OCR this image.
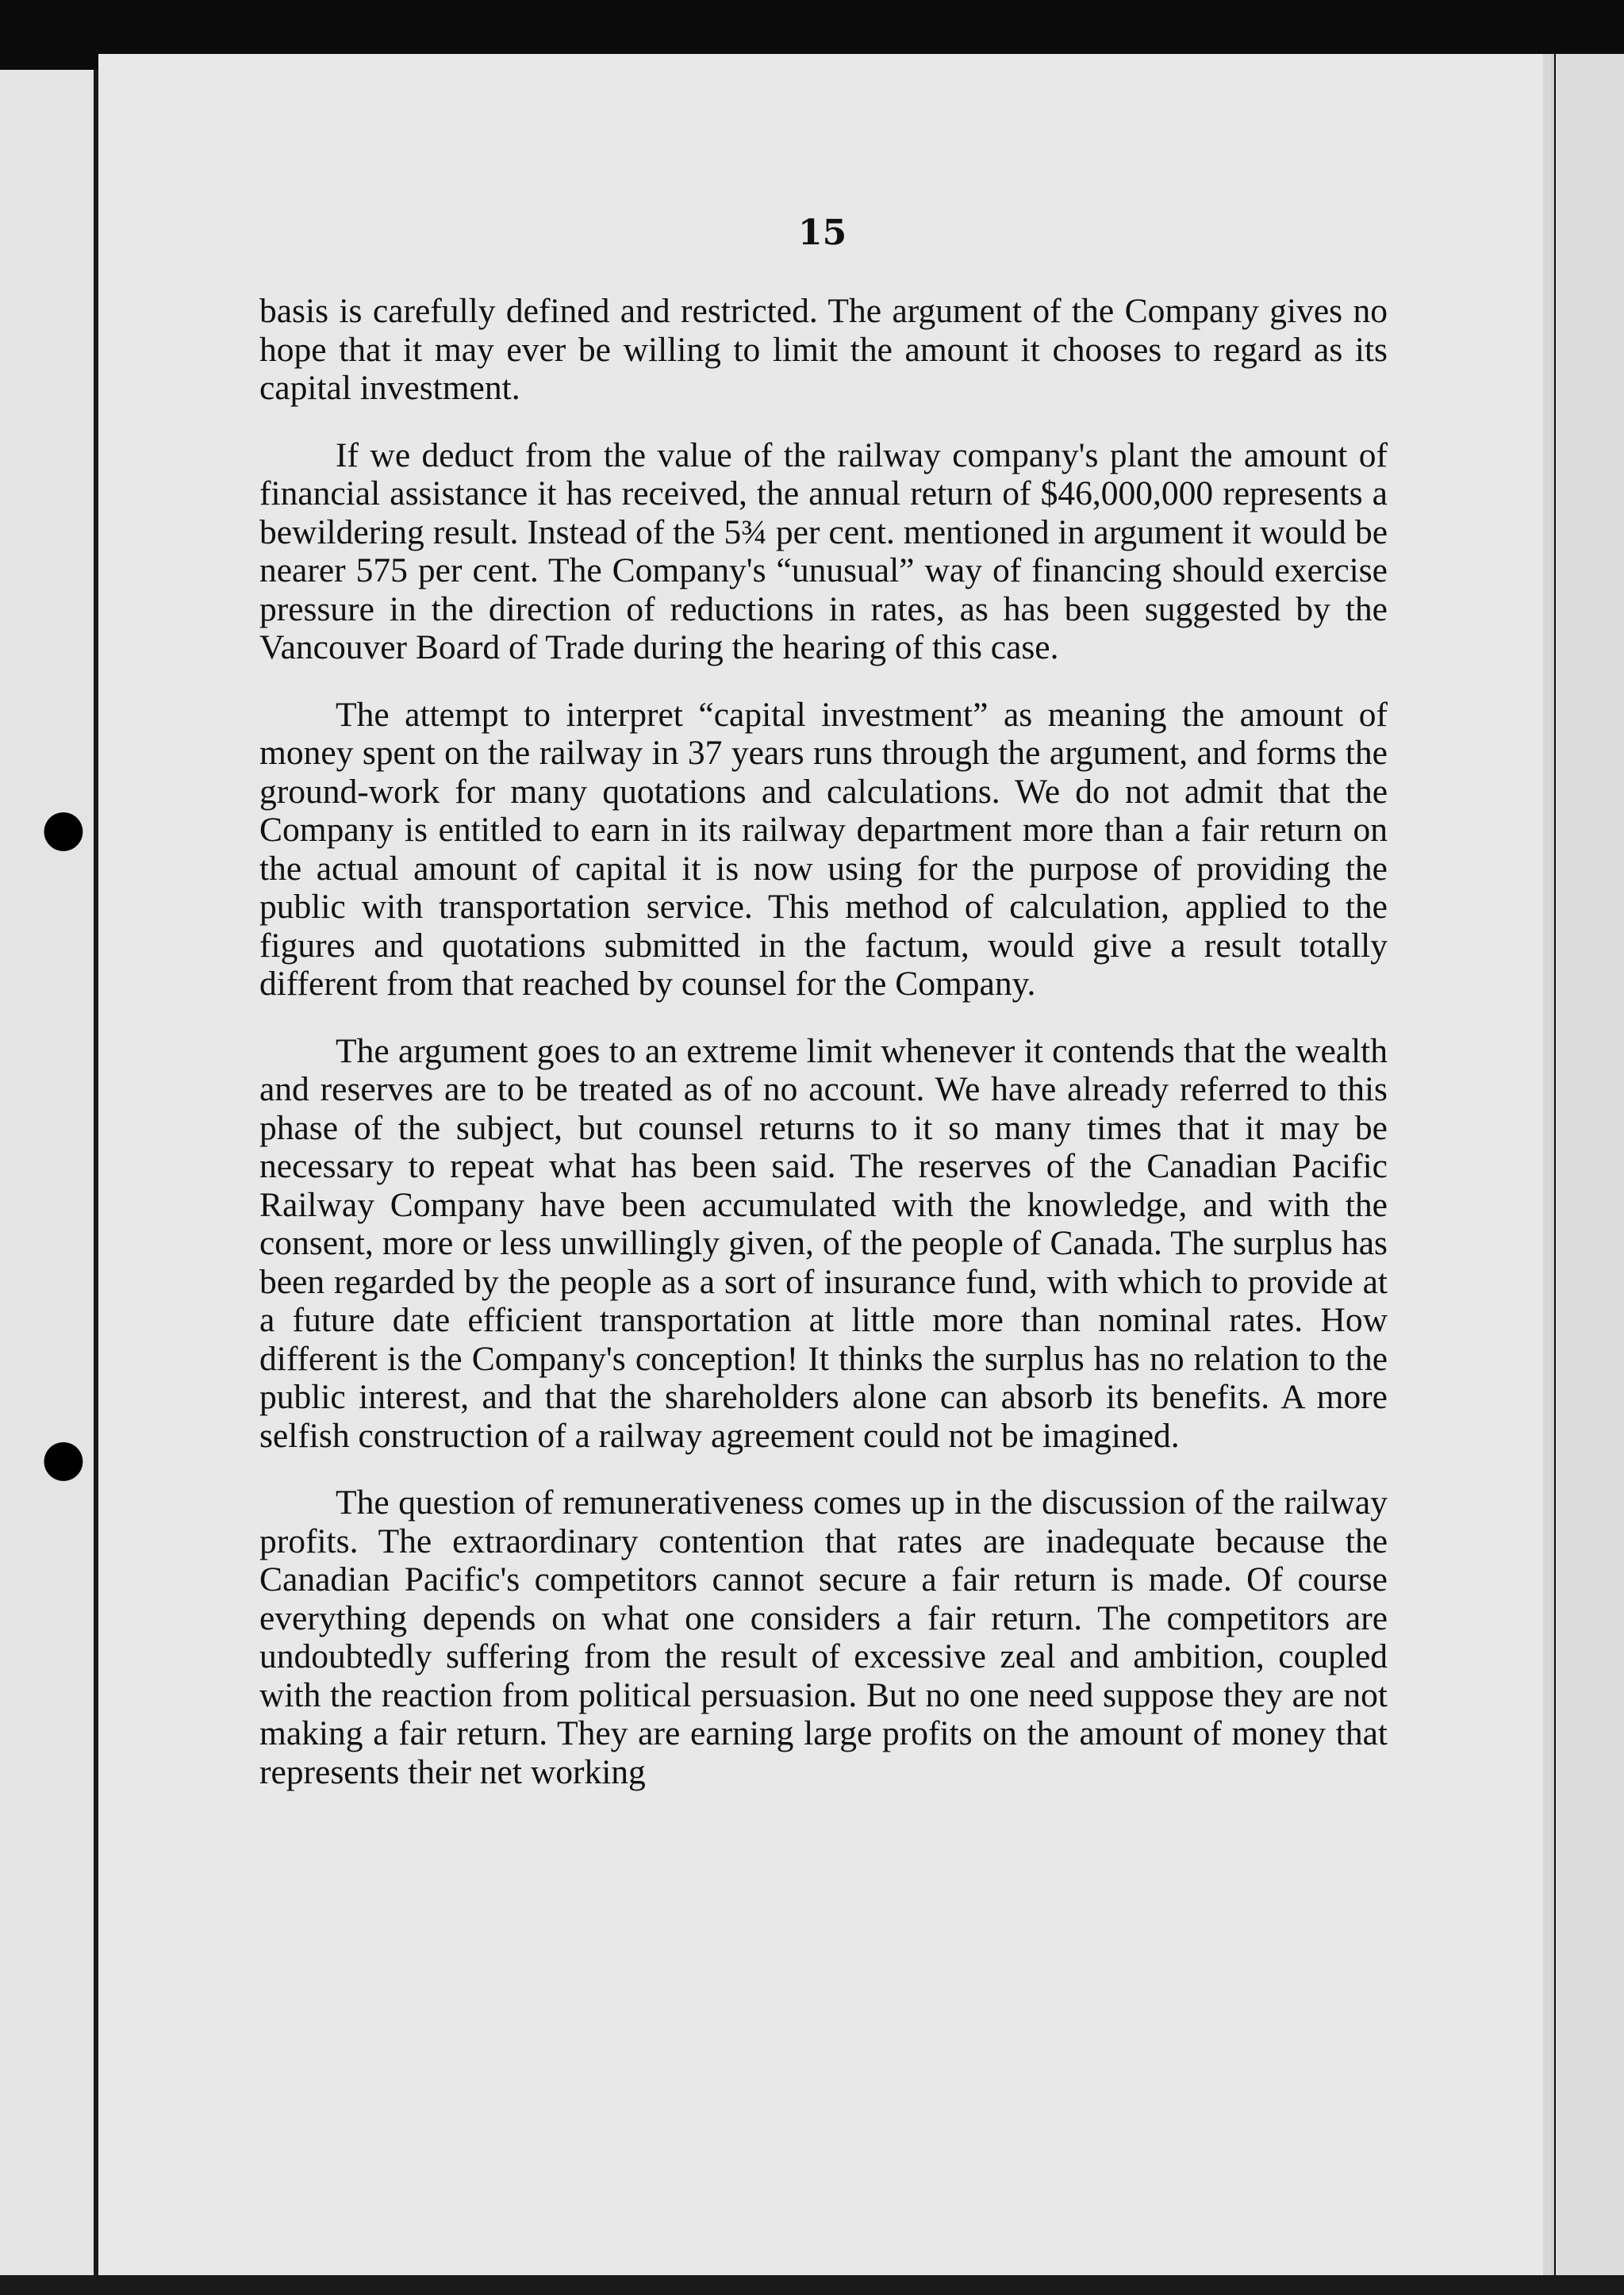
●
●
15

basis is carefully defined and restricted. The argument of the Company gives no hope that it may ever be willing to limit the amount it chooses to regard as its capital investment.

If we deduct from the value of the railway company's plant the amount of financial assistance it has received, the annual return of $46,000,000 represents a bewildering result. Instead of the 5¾ per cent. mentioned in argument it would be nearer 575 per cent. The Company's “unusual” way of financing should exercise pressure in the direction of reductions in rates, as has been suggested by the Vancouver Board of Trade during the hearing of this case.

The attempt to interpret “capital investment” as meaning the amount of money spent on the railway in 37 years runs through the argument, and forms the ground-work for many quotations and calculations. We do not admit that the Company is entitled to earn in its railway department more than a fair return on the actual amount of capital it is now using for the purpose of providing the public with transportation service. This method of calculation, applied to the figures and quotations submitted in the factum, would give a result totally different from that reached by counsel for the Company.

The argument goes to an extreme limit whenever it contends that the wealth and reserves are to be treated as of no account. We have already referred to this phase of the subject, but counsel returns to it so many times that it may be necessary to repeat what has been said. The reserves of the Canadian Pacific Railway Company have been accumulated with the knowledge, and with the consent, more or less unwillingly given, of the people of Canada. The surplus has been regarded by the people as a sort of insurance fund, with which to provide at a future date efficient transportation at little more than nominal rates. How different is the Company's conception! It thinks the surplus has no relation to the public interest, and that the shareholders alone can absorb its benefits. A more selfish construction of a railway agreement could not be imagined.

The question of remunerativeness comes up in the discussion of the railway profits. The extraordinary contention that rates are inadequate because the Canadian Pacific's competitors cannot secure a fair return is made. Of course everything depends on what one considers a fair return. The competitors are undoubtedly suffering from the result of excessive zeal and ambition, coupled with the reaction from political persuasion. But no one need suppose they are not making a fair return. They are earning large profits on the amount of money that represents their net working
